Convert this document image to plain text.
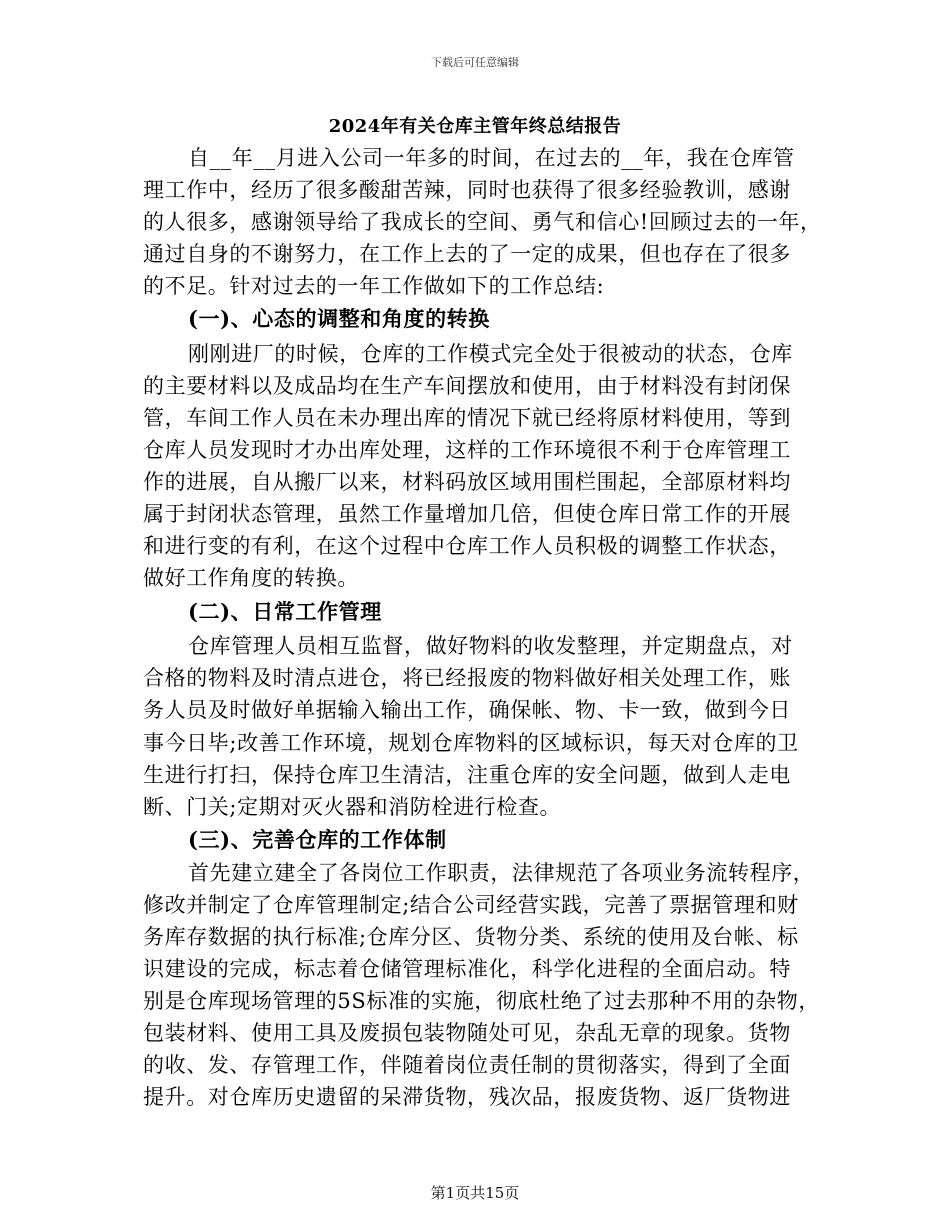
下载后可任意编辑
2024年有关仓库主管年终总结报告
自__年__月进入公司一年多的时间，在过去的__年，我在仓库管
理工作中，经历了很多酸甜苦辣，同时也获得了很多经验教训，感谢
的人很多，感谢领导给了我成长的空间、勇气和信心!回顾过去的一年，
通过自身的不谢努力，在工作上去的了一定的成果，但也存在了很多
的不足。针对过去的一年工作做如下的工作总结:
(一)、心态的调整和角度的转换
刚刚进厂的时候，仓库的工作模式完全处于很被动的状态，仓库
的主要材料以及成品均在生产车间摆放和使用，由于材料没有封闭保
管，车间工作人员在未办理出库的情况下就已经将原材料使用，等到
仓库人员发现时才办出库处理，这样的工作环境很不利于仓库管理工
作的进展，自从搬厂以来，材料码放区域用围栏围起，全部原材料均
属于封闭状态管理，虽然工作量增加几倍，但使仓库日常工作的开展
和进行变的有利，在这个过程中仓库工作人员积极的调整工作状态，
做好工作角度的转换。
(二)、日常工作管理
仓库管理人员相互监督，做好物料的收发整理，并定期盘点，对
合格的物料及时清点进仓，将已经报废的物料做好相关处理工作，账
务人员及时做好单据输入输出工作，确保帐、物、卡一致，做到今日
事今日毕;改善工作环境，规划仓库物料的区域标识，每天对仓库的卫
生进行打扫，保持仓库卫生清洁，注重仓库的安全问题，做到人走电
断、门关;定期对灭火器和消防栓进行检查。
(三)、完善仓库的工作体制
首先建立建全了各岗位工作职责，法律规范了各项业务流转程序，
修改并制定了仓库管理制定;结合公司经营实践，完善了票据管理和财
务库存数据的执行标准;仓库分区、货物分类、系统的使用及台帐、标
识建设的完成，标志着仓储管理标准化，科学化进程的全面启动。特
别是仓库现场管理的5S标准的实施，彻底杜绝了过去那种不用的杂物，
包装材料、使用工具及废损包装物随处可见，杂乱无章的现象。货物
的收、发、存管理工作，伴随着岗位责任制的贯彻落实，得到了全面
提升。对仓库历史遗留的呆滞货物，残次品，报废货物、返厂货物进
第1页共15页
